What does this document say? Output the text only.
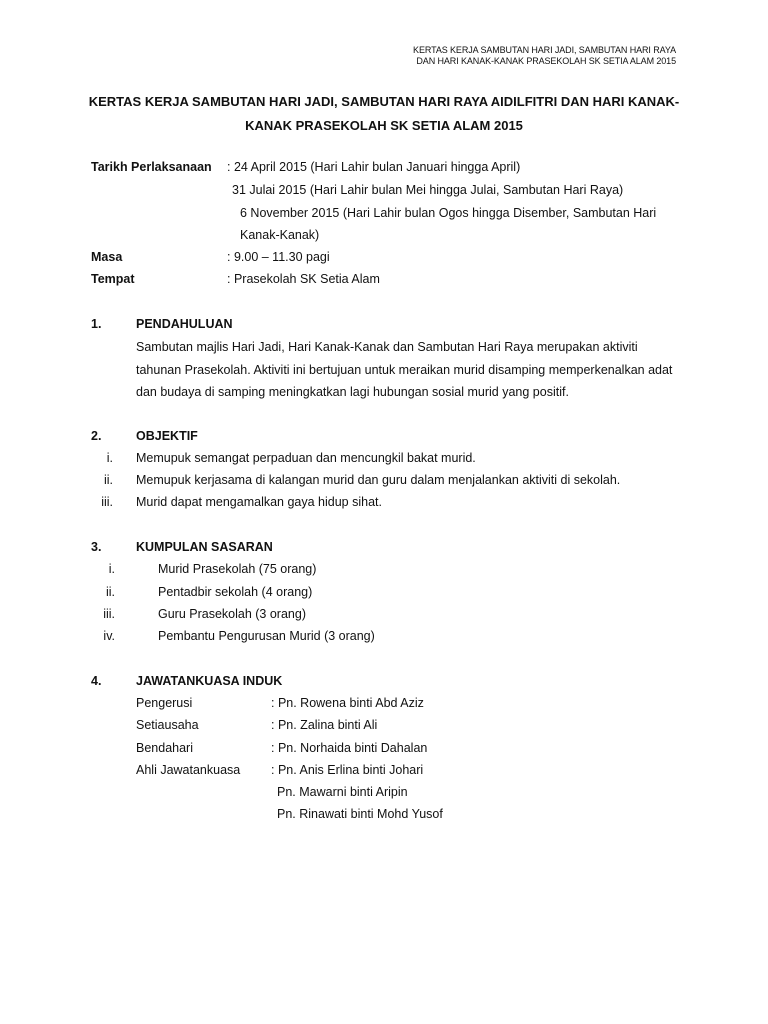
KERTAS KERJA SAMBUTAN HARI JADI, SAMBUTAN HARI RAYA
DAN HARI KANAK-KANAK PRASEKOLAH SK SETIA ALAM 2015
KERTAS KERJA SAMBUTAN HARI JADI, SAMBUTAN HARI RAYA AIDILFITRI DAN HARI KANAK-KANAK PRASEKOLAH SK SETIA ALAM 2015
Tarikh Perlaksanaan : 24 April 2015 (Hari Lahir bulan Januari hingga April)
31 Julai 2015 (Hari Lahir bulan Mei hingga Julai, Sambutan Hari Raya)
6 November 2015 (Hari Lahir bulan Ogos hingga Disember, Sambutan Hari
Kanak-Kanak)
Masa	: 9.00 – 11.30 pagi
Tempat	: Prasekolah SK Setia Alam
1.	PENDAHULUAN
Sambutan majlis Hari Jadi, Hari Kanak-Kanak dan Sambutan Hari Raya merupakan aktiviti tahunan Prasekolah. Aktiviti ini bertujuan untuk meraikan murid disamping memperkenalkan adat dan budaya di samping meningkatkan lagi hubungan sosial murid yang positif.
2.	OBJEKTIF
i. Memupuk semangat perpaduan dan mencungkil bakat murid.
ii. Memupuk kerjasama di kalangan murid dan guru dalam menjalankan aktiviti di sekolah.
iii. Murid dapat mengamalkan gaya hidup sihat.
3.	KUMPULAN SASARAN
i.	Murid Prasekolah (75 orang)
ii.	Pentadbir sekolah (4 orang)
iii.	Guru Prasekolah (3 orang)
iv.	Pembantu Pengurusan Murid (3 orang)
4.	JAWATANKUASA INDUK
Pengerusi	: Pn. Rowena binti Abd Aziz
Setiausaha	: Pn. Zalina binti Ali
Bendahari	: Pn. Norhaida binti Dahalan
Ahli Jawatankuasa : Pn. Anis Erlina binti Johari
Pn. Mawarni binti Aripin
Pn. Rinawati binti Mohd Yusof
